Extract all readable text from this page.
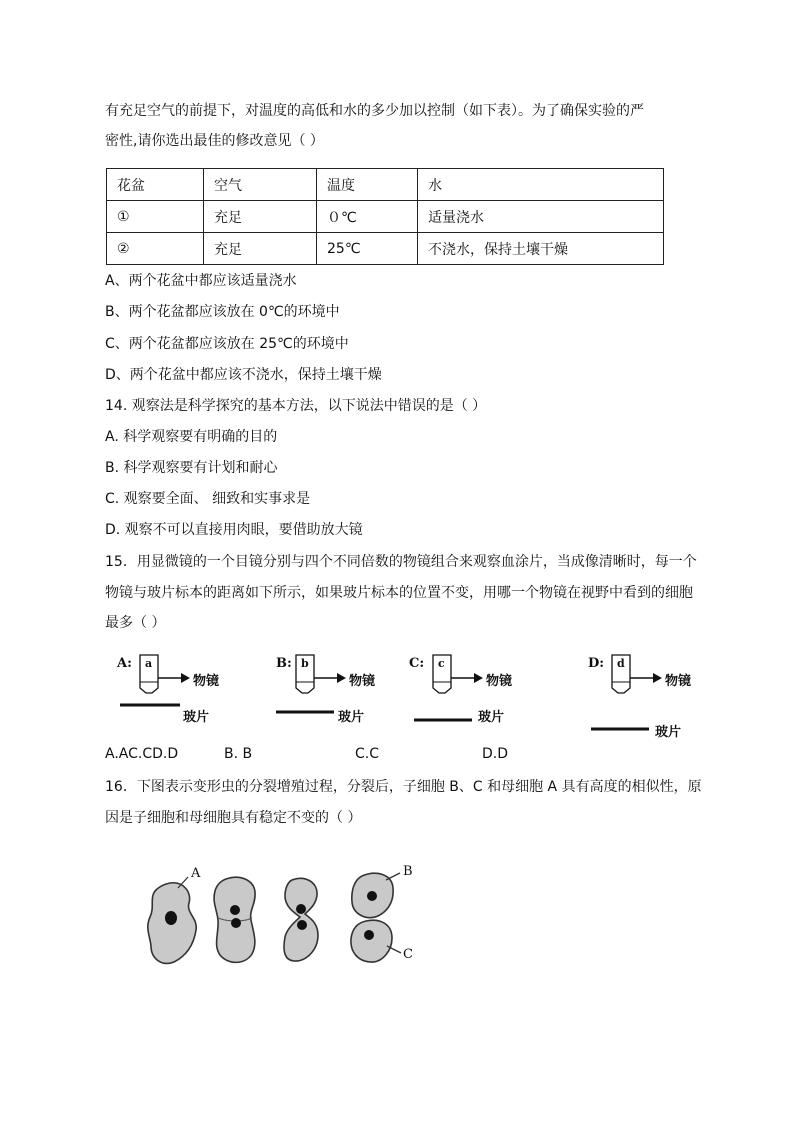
有充足空气的前提下，对温度的高低和水的多少加以控制（如下表）。为了确保实验的严
密性,请你选出最佳的修改意见（ ）
花盆	空气	温度	水
①	充足	０℃	适量浇水
②	充足	25℃	不浇水，保持土壤干燥
A、两个花盆中都应该适量浇水
B、两个花盆都应该放在 0℃的环境中
C、两个花盆都应该放在 25℃的环境中
D、两个花盆中都应该不浇水，保持土壤干燥
14. 观察法是科学探究的基本方法，以下说法中错误的是（ ）
A. 科学观察要有明确的目的
B. 科学观察要有计划和耐心
C. 观察要全面、 细致和实事求是
D. 观察不可以直接用肉眼，要借助放大镜
15．用显微镜的一个目镜分别与四个不同倍数的物镜组合来观察血涂片，当成像清晰时，每一个
物镜与玻片标本的距离如下所示，如果玻片标本的位置不变，用哪一个物镜在视野中看到的细胞
最多（ ）
A: a	B: b	C: c	D: d
物镜	物镜	物镜	物镜
玻片	玻片	玻片
玻片
A.AC.CD.D	B. B	C.C	D.D
16．下图表示变形虫的分裂增殖过程，分裂后，子细胞 B、C 和母细胞 A 具有高度的相似性，原
因是子细胞和母细胞具有稳定不变的（ ）
A	B
C
